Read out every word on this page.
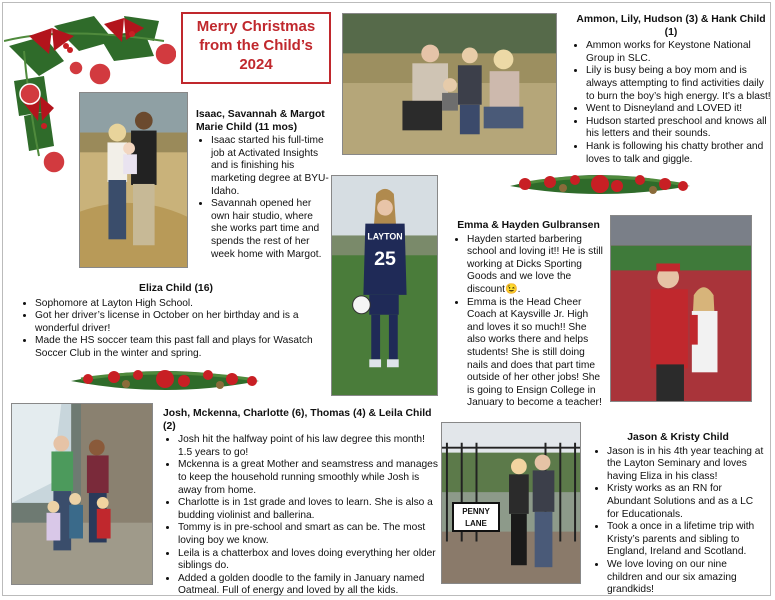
Merry Christmas
from the Child’s
2024
Isaac, Savannah & Margot
Marie Child (11 mos)
• Isaac started his full-time job at Activated Insights and is finishing his marketing degree at BYU-Idaho.
• Savannah opened her own hair studio, where she works part time and spends the rest of her week home with Margot.
Ammon, Lily, Hudson (3) & Hank Child (1)
• Ammon works for Keystone National Group in SLC.
• Lily is busy being a boy mom and is always attempting to find activities daily to burn the boy’s high energy. It’s a blast!
• Went to Disneyland and LOVED it!
• Hudson started preschool and knows all his letters and their sounds.
• Hank is following his chatty brother and loves to talk and giggle.
LAYTON
25
Eliza Child (16)
• Sophomore at Layton High School.
• Got her driver’s license in October on her birthday and is a wonderful driver!
• Made the HS soccer team this past fall and plays for Wasatch Soccer Club in the winter and spring.
Emma & Hayden Gulbransen
• Hayden started barbering school and loving it!! He is still working at Dicks Sporting Goods and we love the discount😉.
• Emma is the Head Cheer Coach at Kaysville Jr. High and loves it so much!! She also works there and helps students! She is still doing nails and does that part time outside of her other jobs! She is going to Ensign College in January to become a teacher!
Josh, Mckenna, Charlotte (6), Thomas (4) & Leila Child (2)
• Josh hit the halfway point of his law degree this month! 1.5 years to go!
• Mckenna is a great Mother and seamstress and manages to keep the household running smoothly while Josh is away from home.
• Charlotte is in 1st grade and loves to learn. She is also a budding violinist and ballerina.
• Tommy is in pre-school and smart as can be. The most loving boy we know.
• Leila is a chatterbox and loves doing everything her older siblings do.
• Added a golden doodle to the family in January named Oatmeal. Full of energy and loved by all the kids.
PENNY
LANE
Jason & Kristy Child
• Jason is in his 4th year teaching at the Layton Seminary and loves having Eliza in his class!
• Kristy works as an RN for Abundant Solutions and as a LC for Educationals.
• Took a once in a lifetime trip with Kristy’s parents and sibling to England, Ireland and Scotland.
• We love loving on our nine children and our six amazing grandkids!
